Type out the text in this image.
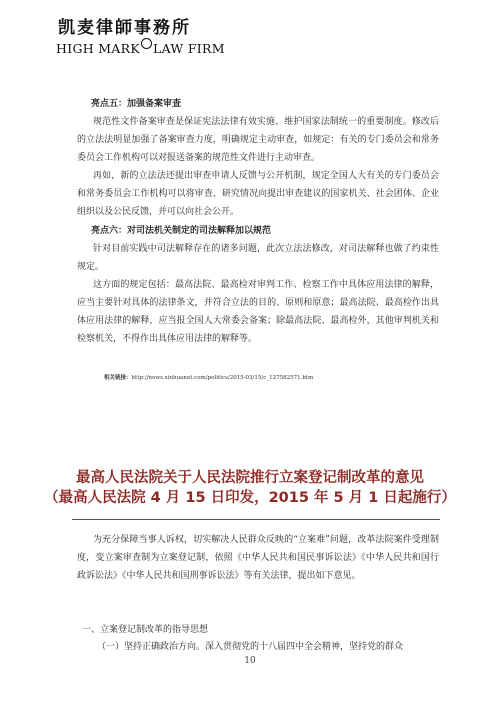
凯麦律師事務所
HIGH MARK LAW FIRM

亮点五：加强备案审查

规范性文件备案审查是保证宪法法律有效实施、维护国家法制统一的重要制度。修改后的立法法明显加强了备案审查力度，明确规定主动审查，如规定：有关的专门委员会和常务委员会工作机构可以对报送备案的规范性文件进行主动审查。

再如，新的立法法还提出审查申请人反馈与公开机制，规定全国人大有关的专门委员会和常务委员会工作机构可以将审查、研究情况向提出审查建议的国家机关、社会团体、企业组织以及公民反馈，并可以向社会公开。

亮点六：对司法机关制定的司法解释加以规范

针对目前实践中司法解释存在的诸多问题，此次立法法修改，对司法解释也做了约束性规定。

这方面的规定包括：最高法院、最高检对审判工作、检察工作中具体应用法律的解释，应当主要针对具体的法律条文，并符合立法的目的、原则和原意；最高法院、最高检作出具体应用法律的解释，应当报全国人大常委会备案；除最高法院、最高检外，其他审判机关和检察机关，不得作出具体应用法律的解释等。

相关链接：http://news.xinhuanet.com/politics/2015-03/15/c_127582571.htm
最高人民法院关于人民法院推行立案登记制改革的意见
（最高人民法院 4 月 15 日印发，2015 年 5 月 1 日起施行）

为充分保障当事人诉权，切实解决人民群众反映的“立案难”问题，改革法院案件受理制度，变立案审查制为立案登记制，依照《中华人民共和国民事诉讼法》《中华人民共和国行政诉讼法》《中华人民共和国刑事诉讼法》等有关法律，提出如下意见。

一、立案登记制改革的指导思想

（一）坚持正确政治方向。深入贯彻党的十八届四中全会精神，坚持党的群众

10
